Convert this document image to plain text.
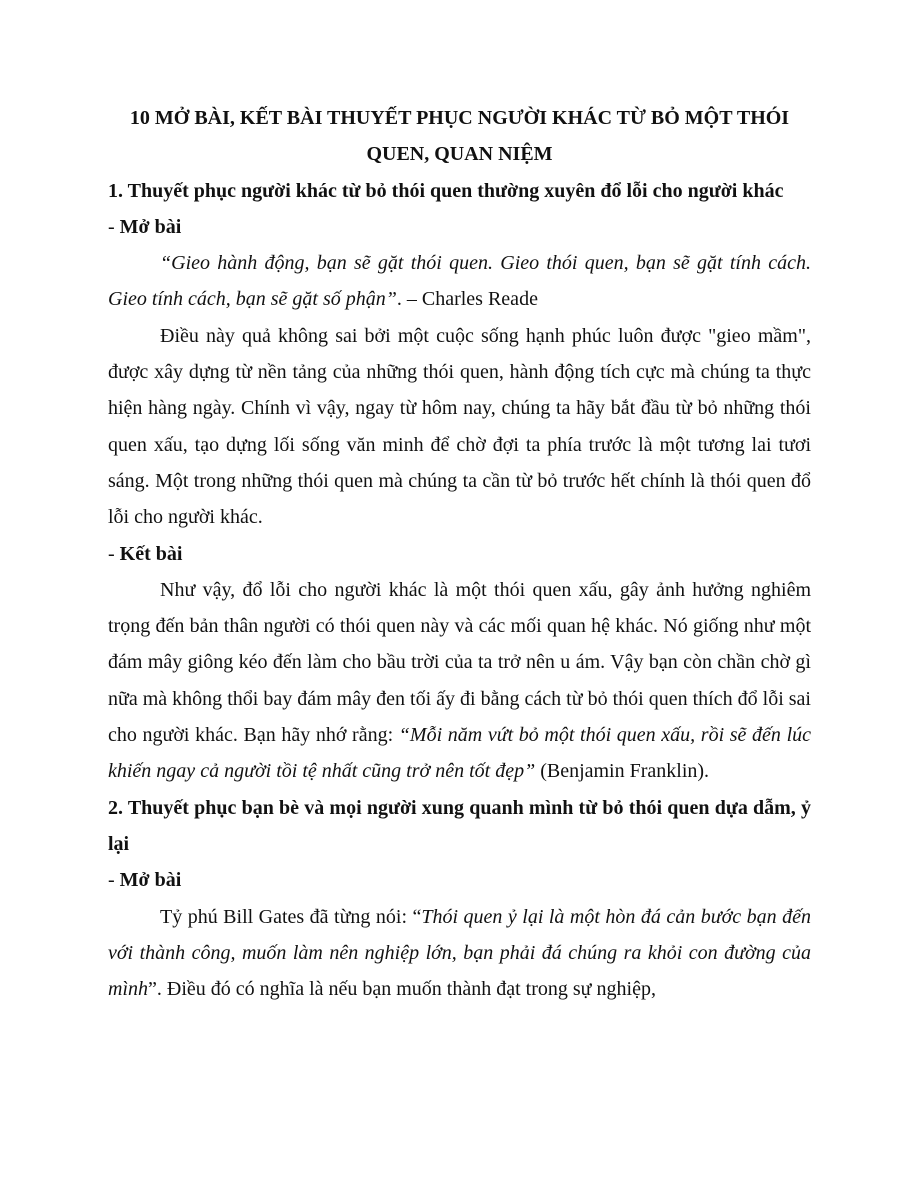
10 MỞ BÀI, KẾT BÀI THUYẾT PHỤC NGƯỜI KHÁC TỪ BỎ MỘT THÓI QUEN, QUAN NIỆM

1. Thuyết phục người khác từ bỏ thói quen thường xuyên đổ lỗi cho người khác

- Mở bài

“Gieo hành động, bạn sẽ gặt thói quen. Gieo thói quen, bạn sẽ gặt tính cách. Gieo tính cách, bạn sẽ gặt số phận”. – Charles Reade

Điều này quả không sai bởi một cuộc sống hạnh phúc luôn được "gieo mầm", được xây dựng từ nền tảng của những thói quen, hành động tích cực mà chúng ta thực hiện hàng ngày. Chính vì vậy, ngay từ hôm nay, chúng ta hãy bắt đầu từ bỏ những thói quen xấu, tạo dựng lối sống văn minh để chờ đợi ta phía trước là một tương lai tươi sáng. Một trong những thói quen mà chúng ta cần từ bỏ trước hết chính là thói quen đổ lỗi cho người khác.

- Kết bài

Như vậy, đổ lỗi cho người khác là một thói quen xấu, gây ảnh hưởng nghiêm trọng đến bản thân người có thói quen này và các mối quan hệ khác. Nó giống như một đám mây giông kéo đến làm cho bầu trời của ta trở nên u ám. Vậy bạn còn chần chờ gì nữa mà không thổi bay đám mây đen tối ấy đi bằng cách từ bỏ thói quen thích đổ lỗi sai cho người khác. Bạn hãy nhớ rằng: “Mỗi năm vứt bỏ một thói quen xấu, rồi sẽ đến lúc khiến ngay cả người tồi tệ nhất cũng trở nên tốt đẹp” (Benjamin Franklin).

2. Thuyết phục bạn bè và mọi người xung quanh mình từ bỏ thói quen dựa dẫm, ỷ lại

- Mở bài

Tỷ phú Bill Gates đã từng nói: “Thói quen ỷ lại là một hòn đá cản bước bạn đến với thành công, muốn làm nên nghiệp lớn, bạn phải đá chúng ra khỏi con đường của mình”. Điều đó có nghĩa là nếu bạn muốn thành đạt trong sự nghiệp,
